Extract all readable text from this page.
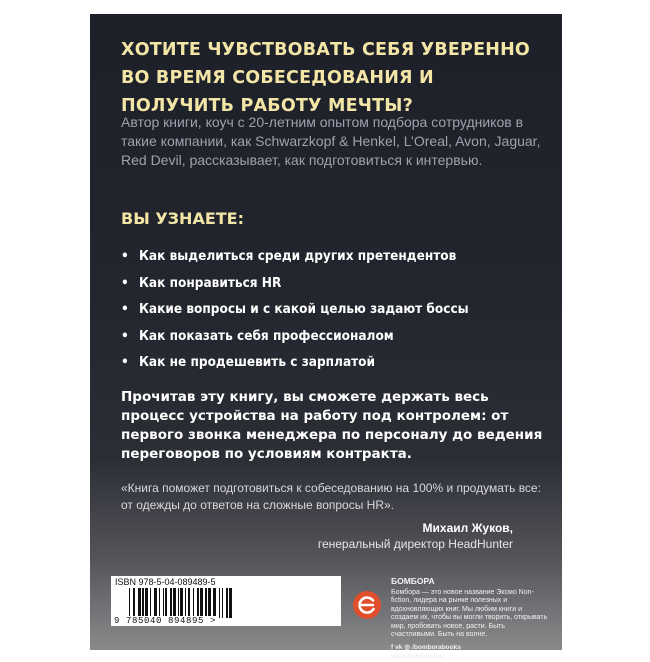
ХОТИТЕ ЧУВСТВОВАТЬ СЕБЯ УВЕРЕННО ВО ВРЕМЯ СОБЕСЕДОВАНИЯ И ПОЛУЧИТЬ РАБОТУ МЕЧТЫ?

Автор книги, коуч с 20-летним опытом подбора сотрудников в такие компании, как Schwarzkopf & Henkel, L’Oreal, Avon, Jaguar, Red Devil, рассказывает, как подготовиться к интервью.

ВЫ УЗНАЕТЕ:

• Как выделиться среди других претендентов
• Как понравиться HR
• Какие вопросы и с какой целью задают боссы
• Как показать себя профессионалом
• Как не продешевить с зарплатой

Прочитав эту книгу, вы сможете держать весь процесс устройства на работу под контролем: от первого звонка менеджера по персоналу до ведения переговоров по условиям контракта.

«Книга поможет подготовиться к собеседованию на 100% и продумать все: от одежды до ответов на сложные вопросы HR».

Михаил Жуков,
генеральный директор HeadHunter
ISBN 978-5-04-089489-5
9 785040 894895 >
БОМБОРА
Бомбора — это новое название Эксмо Non-fiction, лидера на рынке полезных и вдохновляющих книг. Мы любим книги и создаем их, чтобы вы могли творить, открывать мир, пробовать новое, расти. Быть счастливыми. Быть на волне.
f vk ◎ /bomborabooks
www.bombora.ru
